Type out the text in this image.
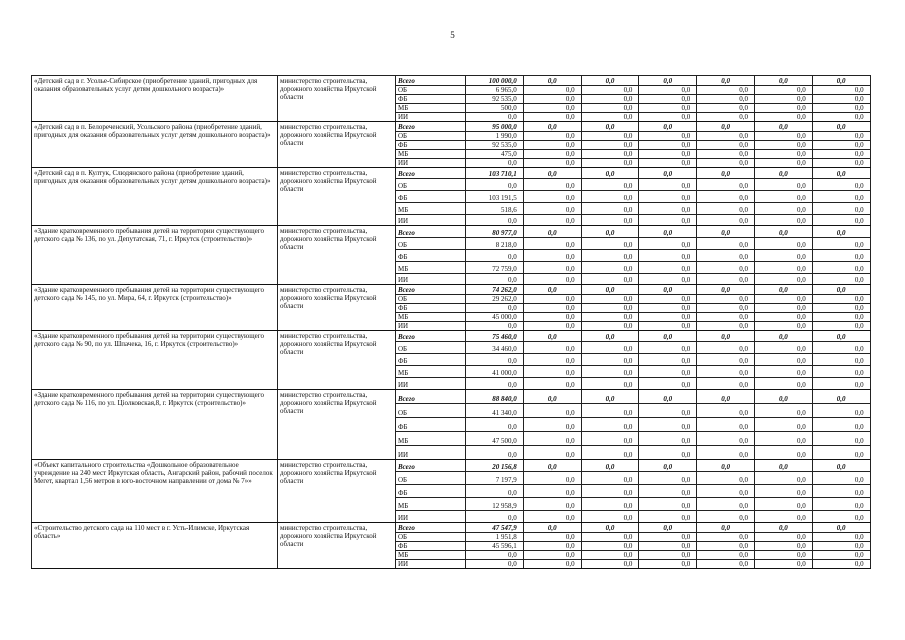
5
«Детский сад в г. Усолье-Сибирское (приобретение зданий, пригодных для оказания образовательных услуг детям дошкольного возраста)»	министерство строительства, дорожного хозяйства Иркутской области	Всего	100 000,0	0,0	0,0	0,0	0,0	0,0	0,0
		ОБ	6 965,0	0,0	0,0	0,0	0,0	0,0	0,0
		ФБ	92 535,0	0,0	0,0	0,0	0,0	0,0	0,0
		МБ	500,0	0,0	0,0	0,0	0,0	0,0	0,0
		ИИ	0,0	0,0	0,0	0,0	0,0	0,0	0,0
«Детский сад в п. Белореченский, Усольского района (приобретение зданий, пригодных для оказания образовательных услуг детям дошкольного возраста)»	министерство строительства, дорожного хозяйства Иркутской области	Всего	95 000,0	0,0	0,0	0,0	0,0	0,0	0,0
		ОБ	1 990,0	0,0	0,0	0,0	0,0	0,0	0,0
		ФБ	92 535,0	0,0	0,0	0,0	0,0	0,0	0,0
		МБ	475,0	0,0	0,0	0,0	0,0	0,0	0,0
		ИИ	0,0	0,0	0,0	0,0	0,0	0,0	0,0
«Детский сад в п. Култук, Слюдянского района (приобретение зданий, пригодных для оказания образовательных услуг детям дошкольного возраста)»	министерство строительства, дорожного хозяйства Иркутской области	Всего	103 710,1	0,0	0,0	0,0	0,0	0,0	0,0
		ОБ	0,0	0,0	0,0	0,0	0,0	0,0	0,0
		ФБ	103 191,5	0,0	0,0	0,0	0,0	0,0	0,0
		МБ	518,6	0,0	0,0	0,0	0,0	0,0	0,0
		ИИ	0,0	0,0	0,0	0,0	0,0	0,0	0,0
«Здание кратковременного пребывания детей на территории существующего детского сада № 136, по ул. Депутатская, 71, г. Иркутск (строительство)»	министерство строительства, дорожного хозяйства Иркутской области	Всего	80 977,0	0,0	0,0	0,0	0,0	0,0	0,0
		ОБ	8 218,0	0,0	0,0	0,0	0,0	0,0	0,0
		ФБ	0,0	0,0	0,0	0,0	0,0	0,0	0,0
		МБ	72 759,0	0,0	0,0	0,0	0,0	0,0	0,0
		ИИ	0,0	0,0	0,0	0,0	0,0	0,0	0,0
«Здание кратковременного пребывания детей на территории существующего детского сада № 145, по ул. Мира, 64, г. Иркутск (строительство)»	министерство строительства, дорожного хозяйства Иркутской области	Всего	74 262,0	0,0	0,0	0,0	0,0	0,0	0,0
		ОБ	29 262,0	0,0	0,0	0,0	0,0	0,0	0,0
		ФБ	0,0	0,0	0,0	0,0	0,0	0,0	0,0
		МБ	45 000,0	0,0	0,0	0,0	0,0	0,0	0,0
		ИИ	0,0	0,0	0,0	0,0	0,0	0,0	0,0
«Здание кратковременного пребывания детей на территории существующего детского сада № 90, по ул. Шпачека, 16, г. Иркутск (строительство)»	министерство строительства, дорожного хозяйства Иркутской области	Всего	75 460,0	0,0	0,0	0,0	0,0	0,0	0,0
		ОБ	34 460,0	0,0	0,0	0,0	0,0	0,0	0,0
		ФБ	0,0	0,0	0,0	0,0	0,0	0,0	0,0
		МБ	41 000,0	0,0	0,0	0,0	0,0	0,0	0,0
		ИИ	0,0	0,0	0,0	0,0	0,0	0,0	0,0
«Здание кратковременного пребывания детей на территории существующего детского сада № 116, по ул. Ціолковская,8, г. Иркутск (строительство)»	министерство строительства, дорожного хозяйства Иркутской области	Всего	88 840,0	0,0	0,0	0,0	0,0	0,0	0,0
		ОБ	41 340,0	0,0	0,0	0,0	0,0	0,0	0,0
		ФБ	0,0	0,0	0,0	0,0	0,0	0,0	0,0
		МБ	47 500,0	0,0	0,0	0,0	0,0	0,0	0,0
		ИИ	0,0	0,0	0,0	0,0	0,0	0,0	0,0
«Объект капитального строительства «Дошкольное образовательное учреждение на 240 мест Иркутская область, Ангарский район, рабочий поселок Мегет, квартал 1,56 метров в юго-восточном направлении от дома № 7»»	министерство строительства, дорожного хозяйства Иркутской области	Всего	20 156,8	0,0	0,0	0,0	0,0	0,0	0,0
		ОБ	7 197,9	0,0	0,0	0,0	0,0	0,0	0,0
		ФБ	0,0	0,0	0,0	0,0	0,0	0,0	0,0
		МБ	12 958,9	0,0	0,0	0,0	0,0	0,0	0,0
		ИИ	0,0	0,0	0,0	0,0	0,0	0,0	0,0
«Строительство детского сада на 110 мест в г. Усть-Илимске, Иркутская область»	министерство строительства, дорожного хозяйства Иркутской области	Всего	47 547,9	0,0	0,0	0,0	0,0	0,0	0,0
		ОБ	1 951,8	0,0	0,0	0,0	0,0	0,0	0,0
		ФБ	45 596,1	0,0	0,0	0,0	0,0	0,0	0,0
		МБ	0,0	0,0	0,0	0,0	0,0	0,0	0,0
		ИИ	0,0	0,0	0,0	0,0	0,0	0,0	0,0
